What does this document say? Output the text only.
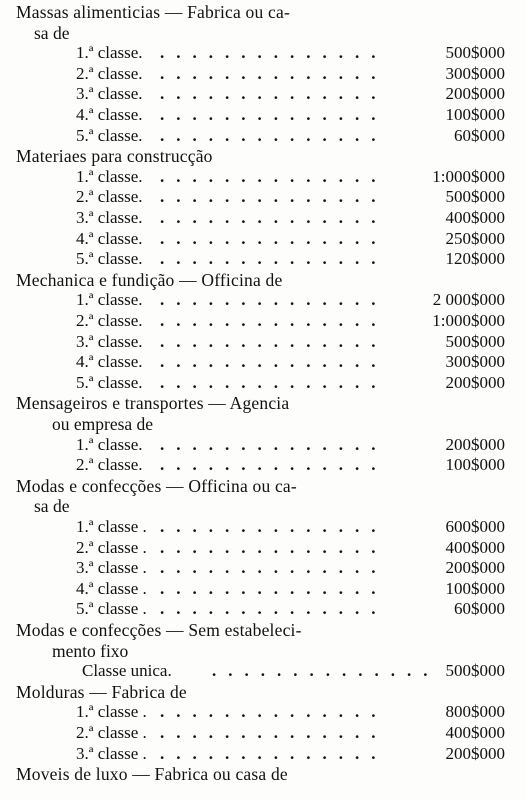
Massas alimenticias — Fabrica ou ca-
sa de
1.ª classe. ..............	500$000
2.ª classe. ..............	300$000
3.ª classe. ..............	200$000
4.ª classe. ..............	100$000
5.ª classe. ..............	60$000
Materiaes para construcção
1.ª classe. ..............	1:000$000
2.ª classe. ..............	500$000
3.ª classe. ..............	400$000
4.ª classe. ..............	250$000
5.ª classe. ..............	120$000
Mechanica e fundição — Officina de
1.ª classe. ..............	2 000$000
2.ª classe. ..............	1:000$000
3.ª classe. ..............	500$000
4.ª classe. ..............	300$000
5.ª classe. ..............	200$000
Mensageiros e transportes — Agencia
ou empresa de
1.ª classe. ..............	200$000
2.ª classe. ..............	100$000
Modas e confecções — Officina ou ca-
sa de
1.ª classe . ..............	600$000
2.ª classe . ..............	400$000
3.ª classe . ..............	200$000
4.ª classe . ..............	100$000
5.ª classe . ..............	60$000
Modas e confecções — Sem estabeleci-
mento fixo
Classe unica. .............. 500$000
Molduras — Fabrica de
1.ª classe . ..............	800$000
2.ª classe . ..............	400$000
3.ª classe . ..............	200$000
Moveis de luxo — Fabrica ou casa de
